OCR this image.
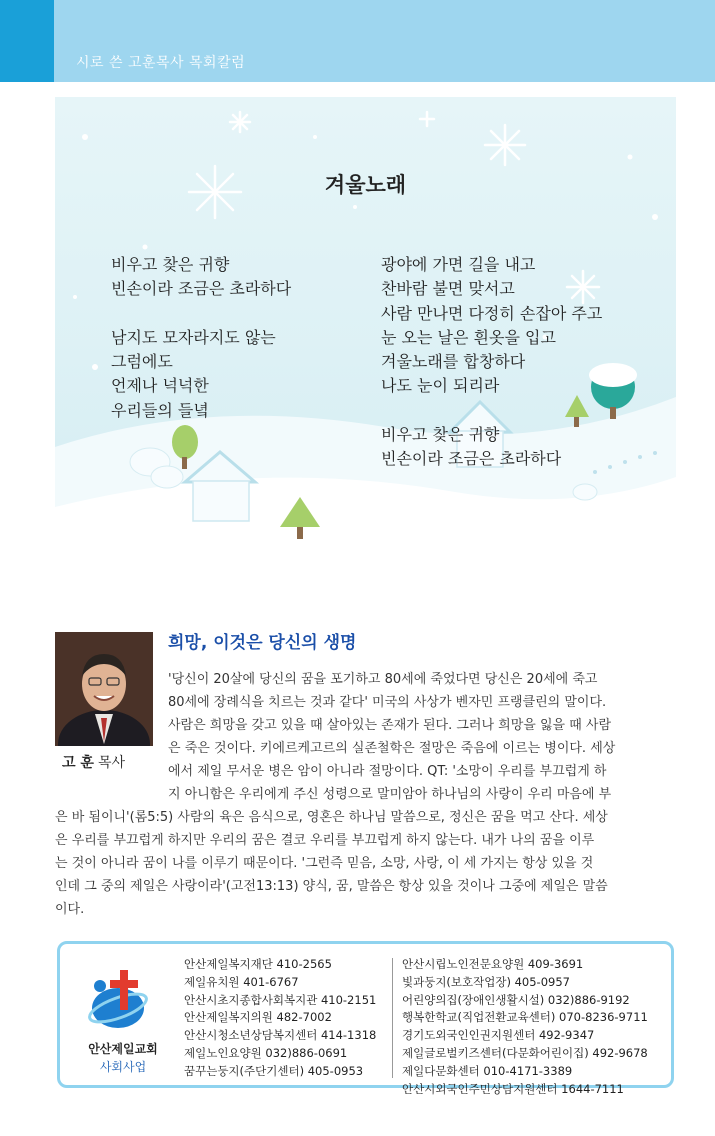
시로 쓴 고훈목사 목회칼럼
겨울노래
비우고 찾은 귀향
빈손이라 조금은 초라하다
남지도 모자라지도 않는
그럼에도
언제나 넉넉한
우리들의 들녘
광야에 가면 길을 내고
찬바람 불면 맞서고
사람 만나면 다정히 손잡아 주고
눈 오는 날은 흰옷을 입고
겨울노래를 합창하다
나도 눈이 되리라
비우고 찾은 귀향
빈손이라 조금은 초라하다
고 훈 목사
희망, 이것은 당신의 생명
'당신이 20살에 당신의 꿈을 포기하고 80세에 죽었다면 당신은 20세에 죽고
80세에 장례식을 치르는 것과 같다' 미국의 사상가 벤자민 프랭클린의 말이다.
사람은 희망을 갖고 있을 때 살아있는 존재가 된다. 그러나 희망을 잃을 때 사람
은 죽은 것이다. 키에르케고르의 실존철학은 절망은 죽음에 이르는 병이다. 세상
에서 제일 무서운 병은 암이 아니라 절망이다. QT: '소망이 우리를 부끄럽게 하
지 아니함은 우리에게 주신 성령으로 말미암아 하나님의 사랑이 우리 마음에 부
은 바 됨이니'(롬5:5) 사람의 육은 음식으로, 영혼은 하나님 말씀으로, 정신은 꿈을 먹고 산다. 세상
은 우리를 부끄럽게 하지만 우리의 꿈은 결코 우리를 부끄럽게 하지 않는다. 내가 나의 꿈을 이루
는 것이 아니라 꿈이 나를 이루기 때문이다. '그런즉 믿음, 소망, 사랑, 이 세 가지는 항상 있을 것
인데 그 중의 제일은 사랑이라'(고전13:13) 양식, 꿈, 말씀은 항상 있을 것이나 그중에 제일은 말씀
이다.
안산제일교회
사회사업
안산제일복지재단 410-2565
제일유치원 401-6767
안산시초지종합사회복지관 410-2151
안산제일복지의원 482-7002
안산시청소년상담복지센터 414-1318
제일노인요양원 032)886-0691
꿈꾸는둥지(주단기센터) 405-0953
안산시립노인전문요양원 409-3691
빛과둥지(보호작업장) 405-0957
어린양의집(장애인생활시설) 032)886-9192
행복한학교(직업전환교육센터) 070-8236-9711
경기도외국인인권지원센터 492-9347
제일글로벌키즈센터(다문화어린이집) 492-9678
제일다문화센터 010-4171-3389
안산시외국인주민상담지원센터 1644-7111
